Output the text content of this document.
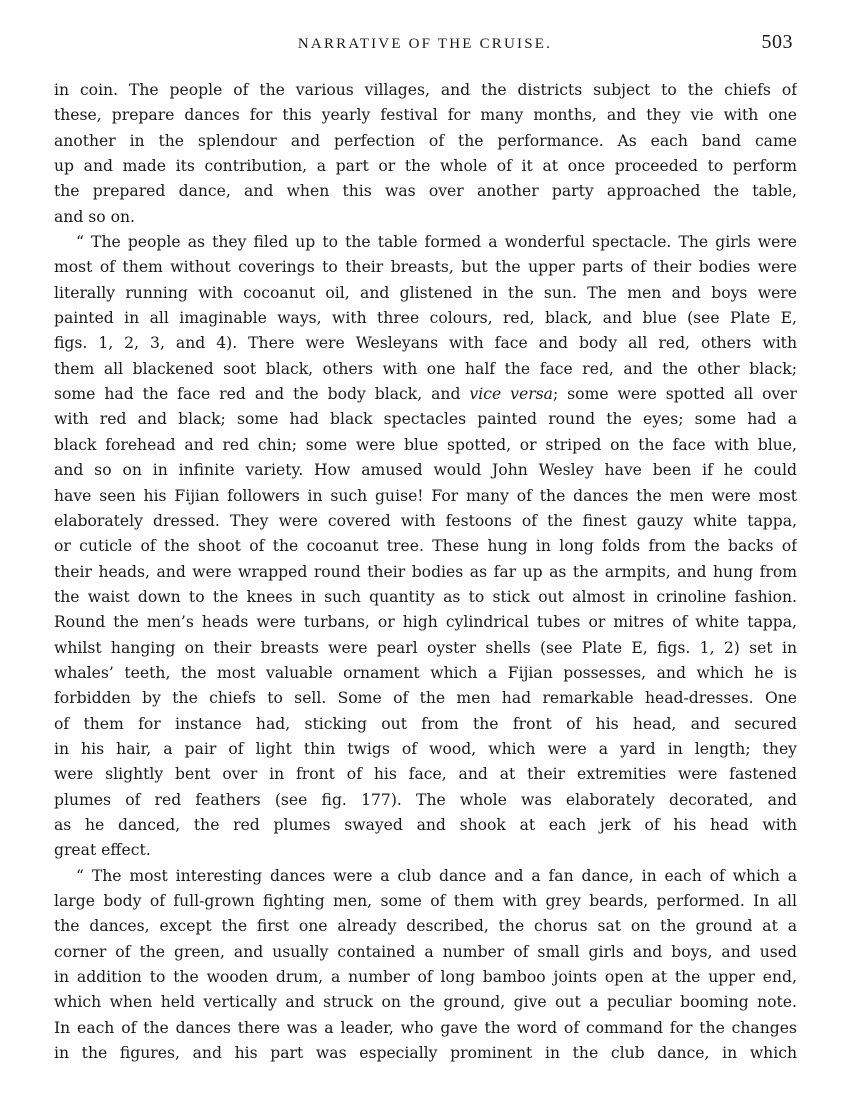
NARRATIVE OF THE CRUISE.	503
in coin. The people of the various villages, and the districts subject to the chiefs of
these, prepare dances for this yearly festival for many months, and they vie with one
another in the splendour and perfection of the performance. As each band came
up and made its contribution, a part or the whole of it at once proceeded to perform
the prepared dance, and when this was over another party approached the table,
and so on.
“ The people as they filed up to the table formed a wonderful spectacle. The girls were
most of them without coverings to their breasts, but the upper parts of their bodies were
literally running with cocoanut oil, and glistened in the sun. The men and boys were
painted in all imaginable ways, with three colours, red, black, and blue (see Plate E,
figs. 1, 2, 3, and 4). There were Wesleyans with face and body all red, others with
them all blackened soot black, others with one half the face red, and the other black;
some had the face red and the body black, and vice versa; some were spotted all over
with red and black; some had black spectacles painted round the eyes; some had a
black forehead and red chin; some were blue spotted, or striped on the face with blue,
and so on in infinite variety. How amused would John Wesley have been if he could
have seen his Fijian followers in such guise! For many of the dances the men were most
elaborately dressed. They were covered with festoons of the finest gauzy white tappa,
or cuticle of the shoot of the cocoanut tree. These hung in long folds from the backs of
their heads, and were wrapped round their bodies as far up as the armpits, and hung from
the waist down to the knees in such quantity as to stick out almost in crinoline fashion.
Round the men’s heads were turbans, or high cylindrical tubes or mitres of white tappa,
whilst hanging on their breasts were pearl oyster shells (see Plate E, figs. 1, 2) set in
whales’ teeth, the most valuable ornament which a Fijian possesses, and which he is
forbidden by the chiefs to sell. Some of the men had remarkable head-dresses. One
of them for instance had, sticking out from the front of his head, and secured
in his hair, a pair of light thin twigs of wood, which were a yard in length; they
were slightly bent over in front of his face, and at their extremities were fastened
plumes of red feathers (see fig. 177). The whole was elaborately decorated, and
as he danced, the red plumes swayed and shook at each jerk of his head with
great effect.
“ The most interesting dances were a club dance and a fan dance, in each of which a
large body of full-grown fighting men, some of them with grey beards, performed. In all
the dances, except the first one already described, the chorus sat on the ground at a
corner of the green, and usually contained a number of small girls and boys, and used
in addition to the wooden drum, a number of long bamboo joints open at the upper end,
which when held vertically and struck on the ground, give out a peculiar booming note.
In each of the dances there was a leader, who gave the word of command for the changes
in the figures, and his part was especially prominent in the club dance, in which
